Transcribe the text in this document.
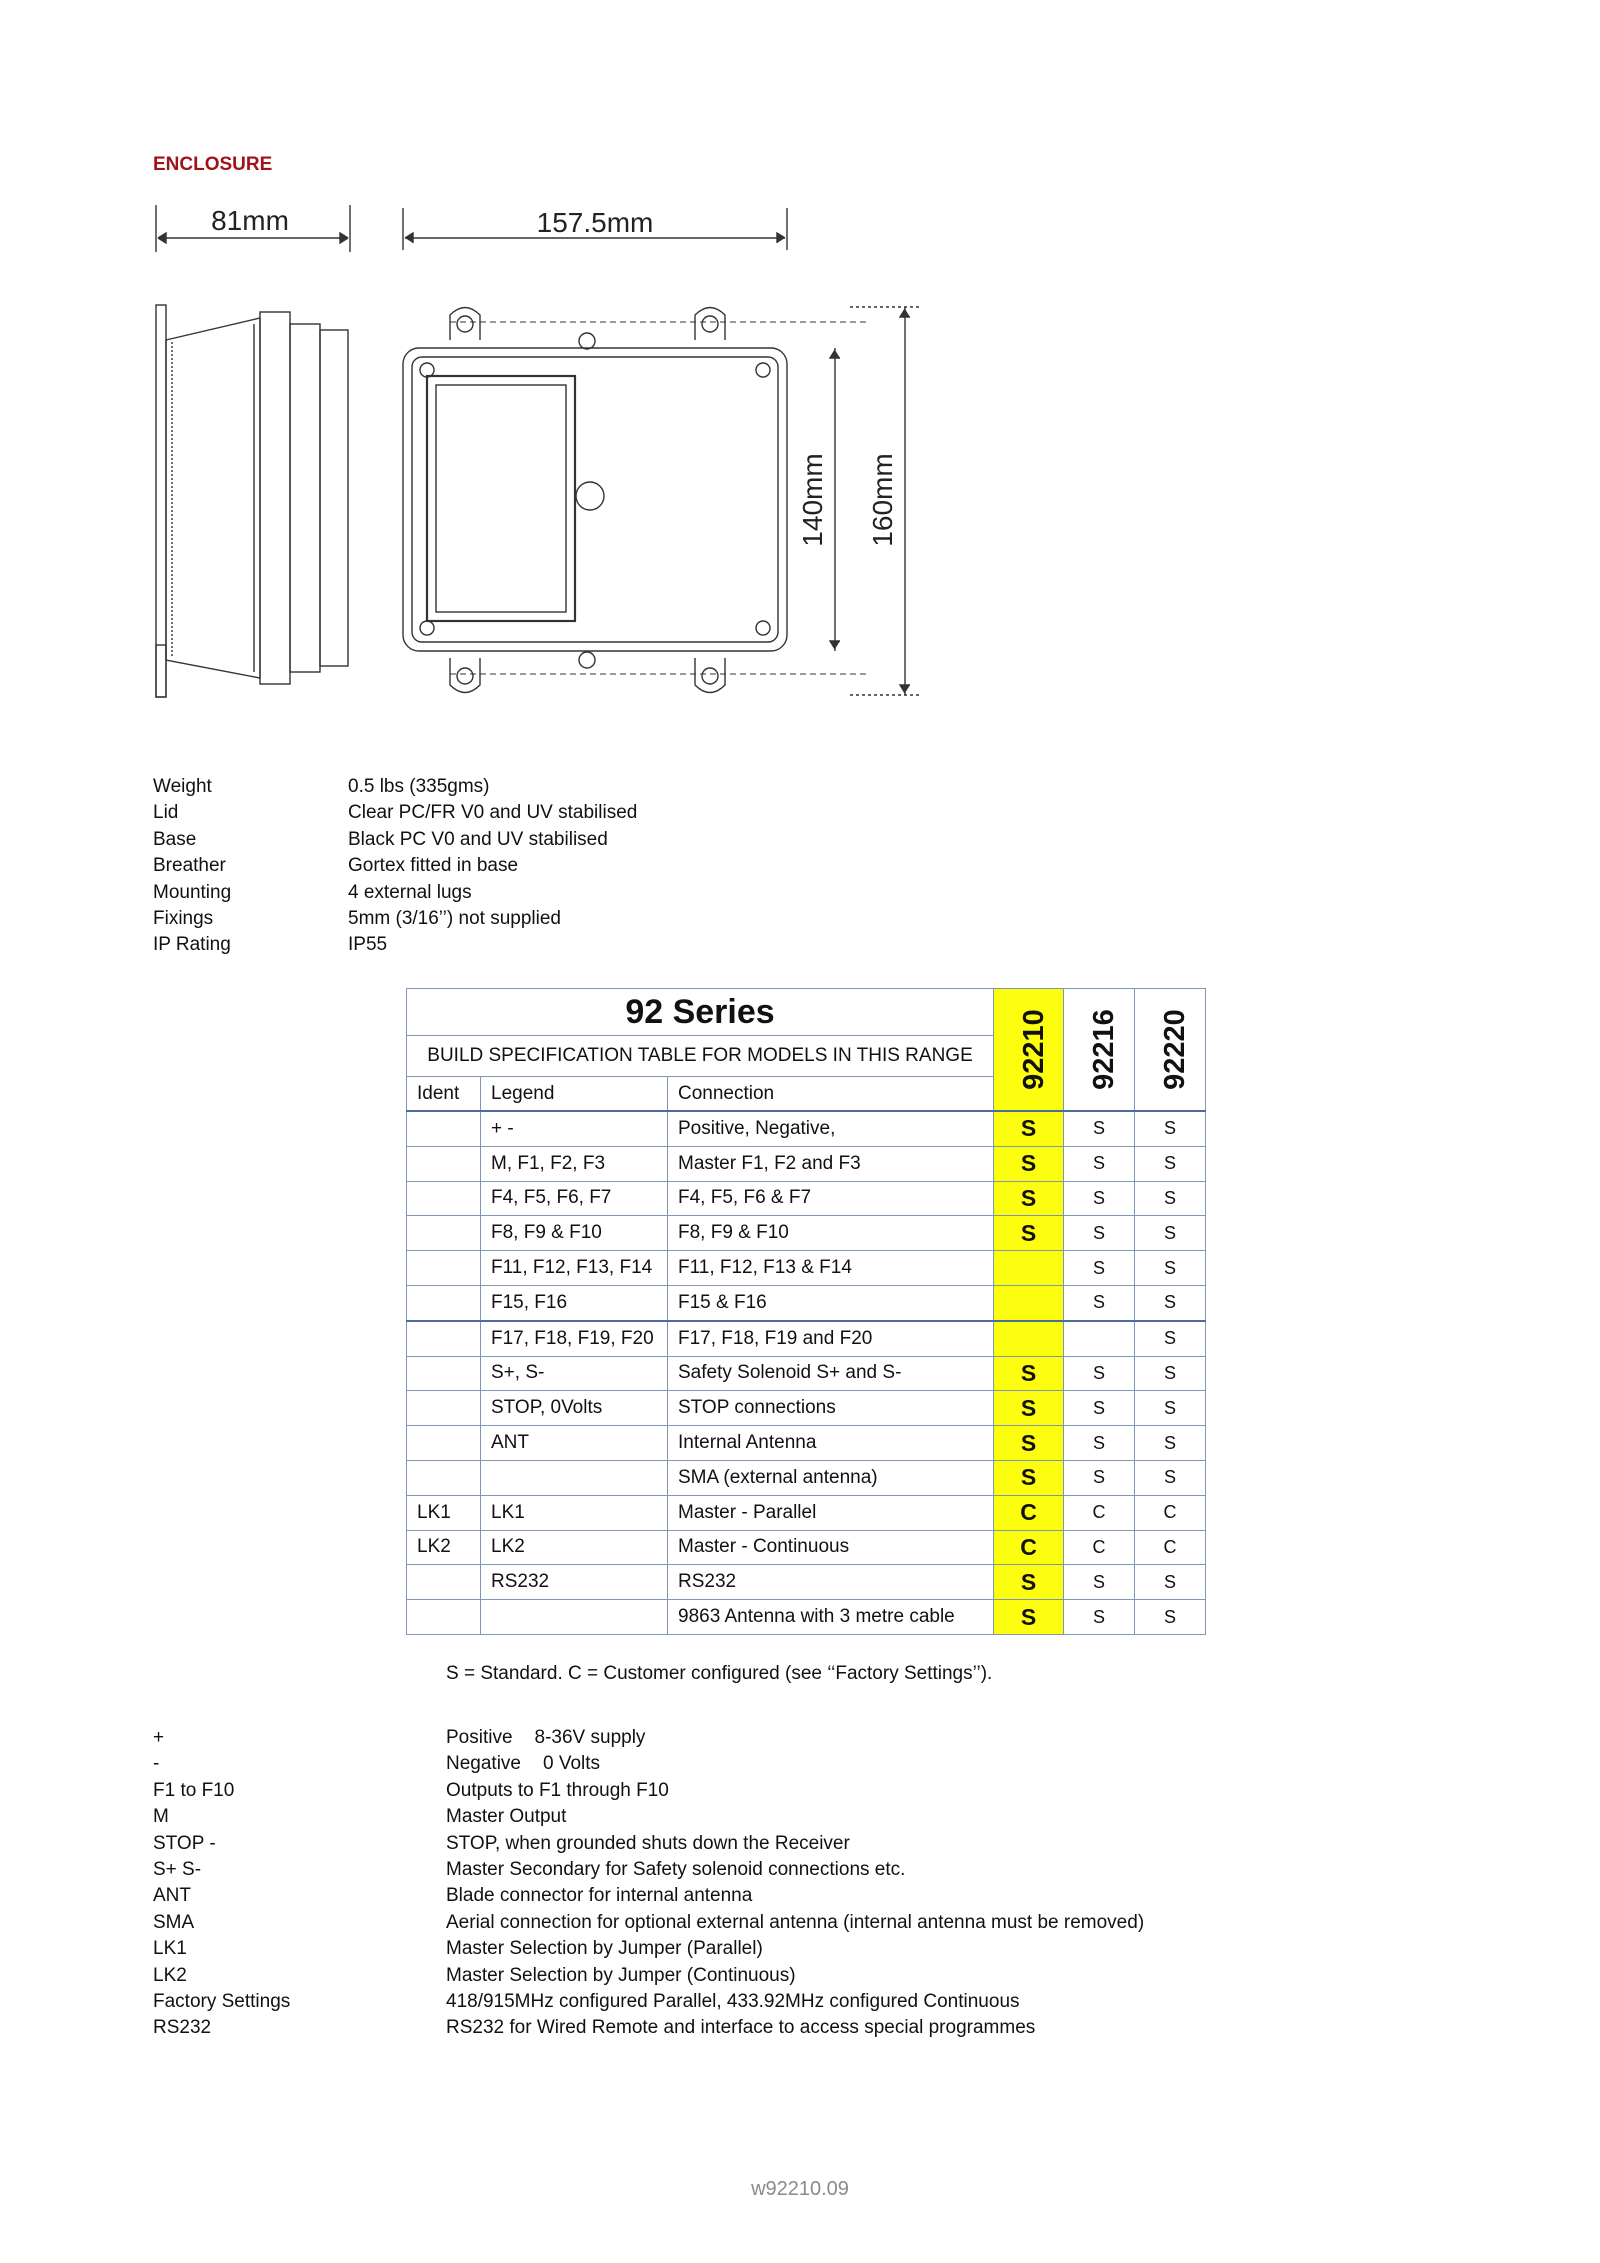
ENCLOSURE
81mm	157.5mm
140mm 160mm
Weight	0.5 lbs (335gms)
Lid	Clear PC/FR V0 and UV stabilised
Base	Black PC V0 and UV stabilised
Breather	Gortex fitted in base
Mounting	4 external lugs
Fixings	5mm (3/16’’) not supplied
IP Rating	IP55
92 Series			92210	92216	92220
BUILD SPECIFICATION TABLE FOR MODELS IN THIS RANGE					
Ident	Legend	Connection			
	+ -	Positive, Negative,	S	S	S
	M, F1, F2, F3	Master F1, F2 and F3	S	S	S
	F4, F5, F6, F7	F4, F5, F6 & F7	S	S	S
	F8, F9 & F10	F8, F9 & F10	S	S	S
	F11, F12, F13, F14	F11, F12, F13 & F14		S	S
	F15, F16	F15 & F16		S	S
	F17, F18, F19, F20	F17, F18, F19 and F20			S
	S+, S-	Safety Solenoid S+ and S-	S	S	S
	STOP, 0Volts	STOP connections	S	S	S
	ANT	Internal Antenna	S	S	S
		SMA (external antenna)	S	S	S
LK1	LK1	Master - Parallel	C	C	C
LK2	LK2	Master - Continuous	C	C	C
	RS232	RS232	S	S	S
		9863 Antenna with 3 metre cable	S	S	S
S = Standard. C = Customer configured (see ‘‘Factory Settings’’).
+	Positive 8-36V supply
-	Negative 0 Volts
F1 to F10	Outputs to F1 through F10
M	Master Output
STOP -	STOP, when grounded shuts down the Receiver
S+ S-	Master Secondary for Safety solenoid connections etc.
ANT	Blade connector for internal antenna
SMA	Aerial connection for optional external antenna (internal antenna must be removed)
LK1	Master Selection by Jumper (Parallel)
LK2	Master Selection by Jumper (Continuous)
Factory Settings	418/915MHz configured Parallel, 433.92MHz configured Continuous
RS232	RS232 for Wired Remote and interface to access special programmes
w92210.09
